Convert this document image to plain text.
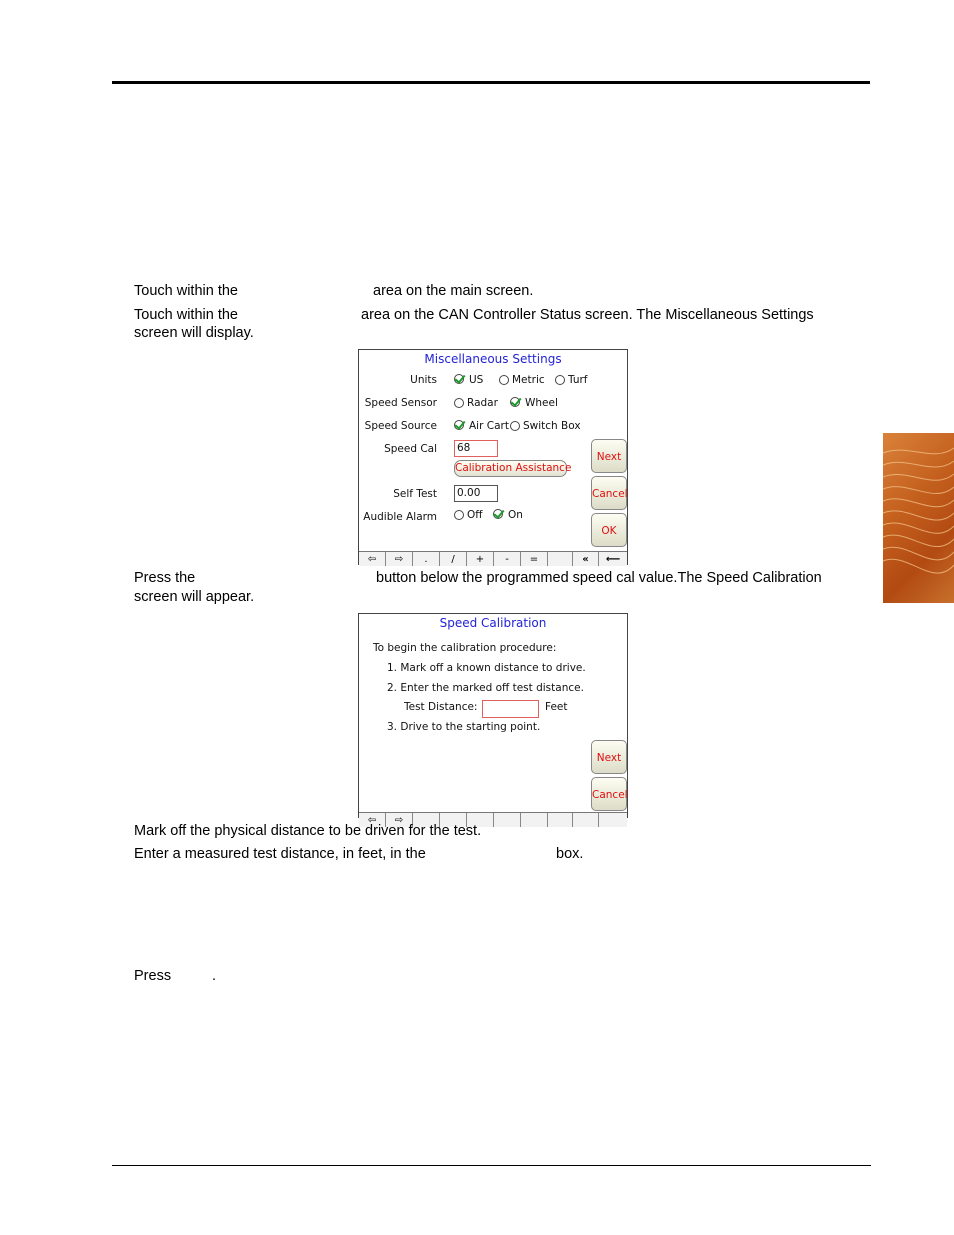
Touch within the	area on the main screen.
Touch within the	area on the CAN Controller Status screen. The Miscellaneous Settings
screen will display.
Miscellaneous Settings
Units	US	Metric	Turf
Speed Sensor	Radar	Wheel
Speed Source	Air Cart	Switch Box
Speed Cal 68
Calibration Assistance
Self Test 0.00
Audible Alarm	Off	On
Next
Cancel
OK
⇦	⇨	.	/	+	-	=	«	⟵
Press the	button below the programmed speed cal value.The Speed Calibration
screen will appear.
Speed Calibration
To begin the calibration procedure:
1. Mark off a known distance to drive.
2. Enter the marked off test distance.
Test Distance:	Feet
3. Drive to the starting point.
Next
Cancel
⇦	⇨
Mark off the physical distance to be driven for the test.
Enter a measured test distance, in feet, in the	box.
Press	.
